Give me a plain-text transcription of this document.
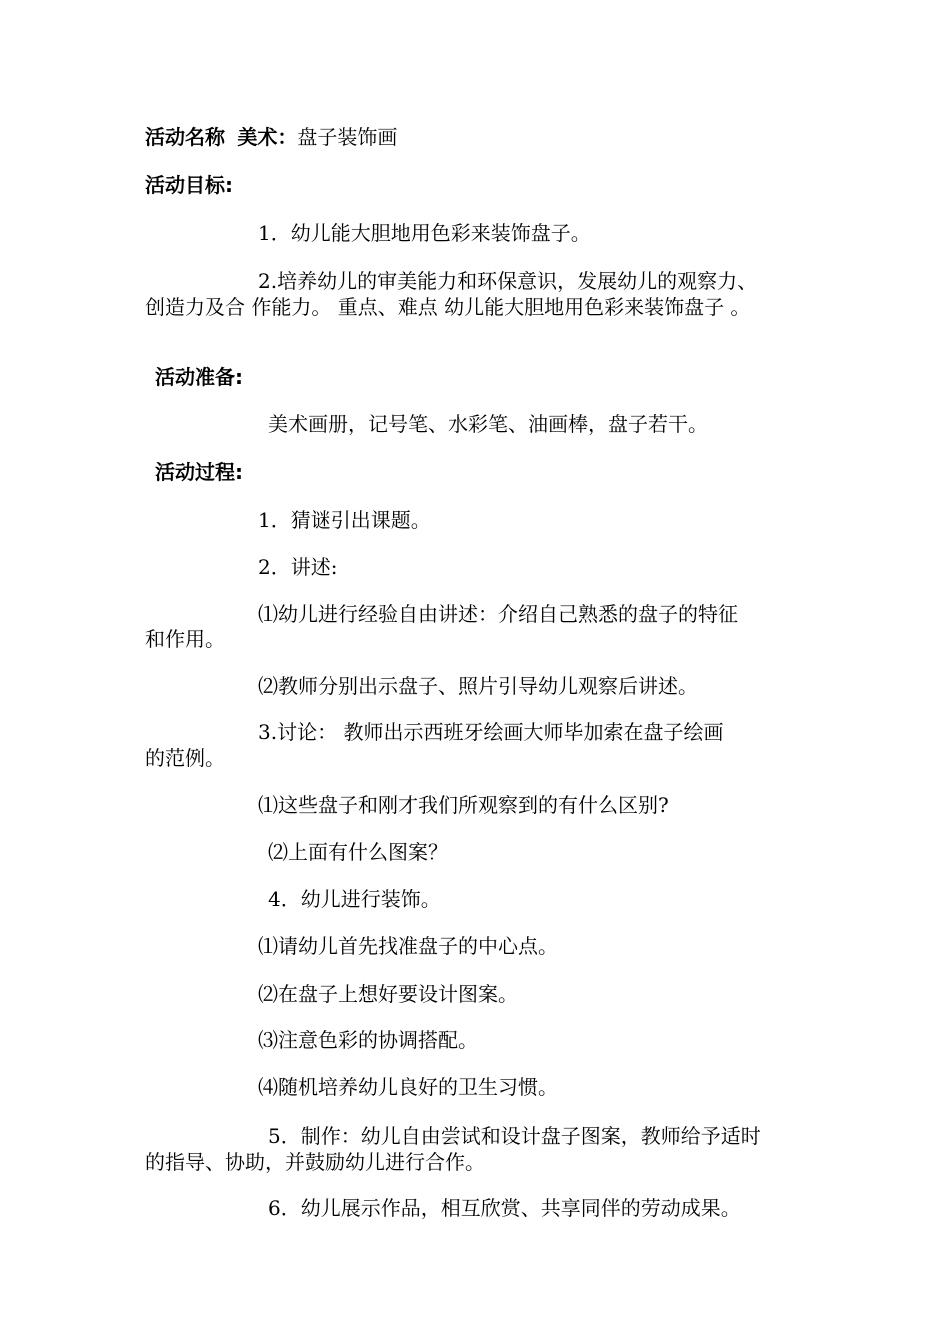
活动名称 美术：盘子装饰画
活动目标:
1．幼儿能大胆地用色彩来装饰盘子。
2.培养幼儿的审美能力和环保意识，发展幼儿的观察力、
创造力及合 作能力。 重点、难点 幼儿能大胆地用色彩来装饰盘子 。
活动准备:
美术画册，记号笔、水彩笔、油画棒，盘子若干。
活动过程:
1．猜谜引出课题。
2．讲述:
⑴幼儿进行经验自由讲述：介绍自己熟悉的盘子的特征
和作用。
⑵教师分别出示盘子、照片引导幼儿观察后讲述。
3.讨论： 教师出示西班牙绘画大师毕加索在盘子绘画
的范例。
⑴这些盘子和刚才我们所观察到的有什么区别?
⑵上面有什么图案？
4．幼儿进行装饰。
⑴请幼儿首先找准盘子的中心点。
⑵在盘子上想好要设计图案。
⑶注意色彩的协调搭配。
⑷随机培养幼儿良好的卫生习惯。
5．制作：幼儿自由尝试和设计盘子图案，教师给予适时
的指导、协助，并鼓励幼儿进行合作。
6．幼儿展示作品，相互欣赏、共享同伴的劳动成果。
